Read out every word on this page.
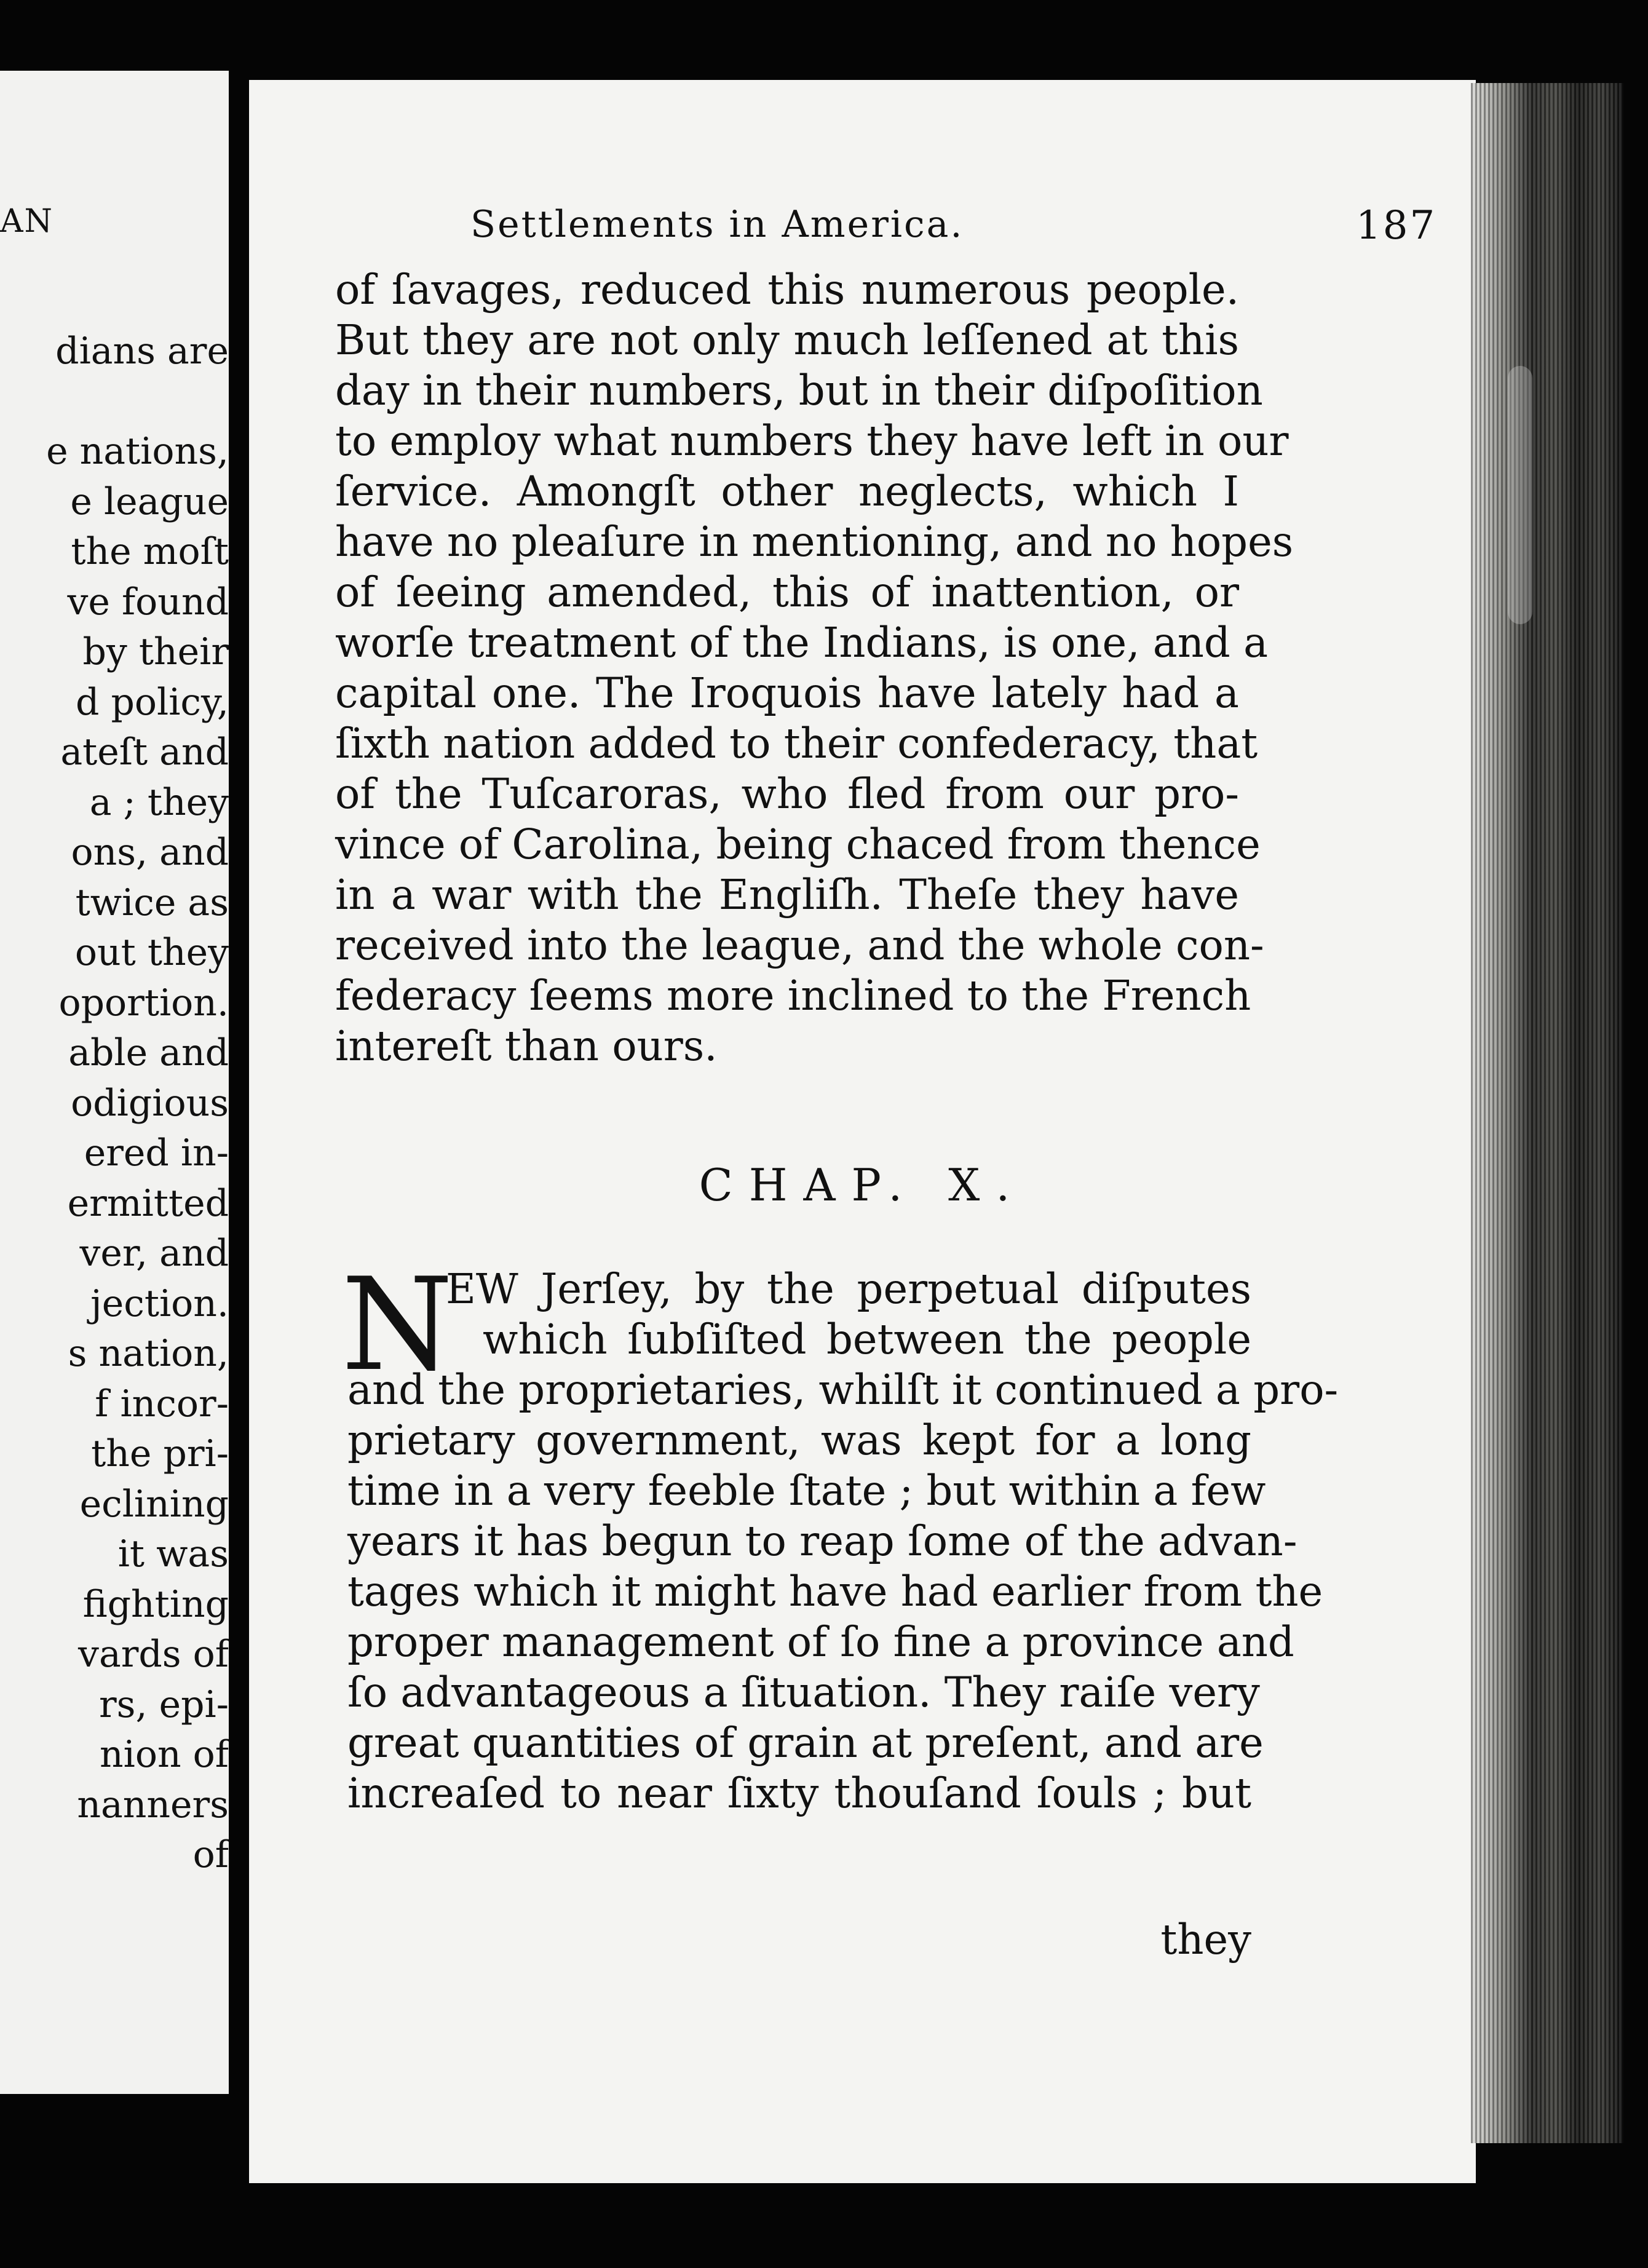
AN
dians are
e nations,
e league
the moſt
ve found
by their
d policy,
ateſt and
a ; they
ons, and
twice as
out they
oportion.
able and
odigious
ered in-
ermitted
ver, and
jection.
s nation,
f incor-
the pri-
eclining
it was
fighting
vards of
rs, epi-
nion of
nanners
of
Settlements in America.	187
of ſavages, reduced this numerous people.
But they are not only much leſſened at this
day in their numbers, but in their diſpoſition
to employ what numbers they have left in our
ſervice. Amongſt other neglects, which I
have no pleaſure in mentioning, and no hopes
of ſeeing amended, this of inattention, or
worſe treatment of the Indians, is one, and a
capital one. The Iroquois have lately had a
ſixth nation added to their confederacy, that
of the Tuſcaroras, who fled from our pro-
vince of Carolina, being chaced from thence
in a war with the Engliſh. Theſe they have
received into the league, and the whole con-
federacy ſeems more inclined to the French
intereſt than ours.
CHAP. X.
N
EW Jerſey, by the perpetual diſputes
which ſubſiſted between the people
and the proprietaries, whilſt it continued a pro-
prietary government, was kept for a long
time in a very feeble ſtate ; but within a few
years it has begun to reap ſome of the advan-
tages which it might have had earlier from the
proper management of ſo fine a province and
ſo advantageous a ſituation. They raiſe very
great quantities of grain at preſent, and are
increaſed to near ſixty thouſand ſouls ; but
they
